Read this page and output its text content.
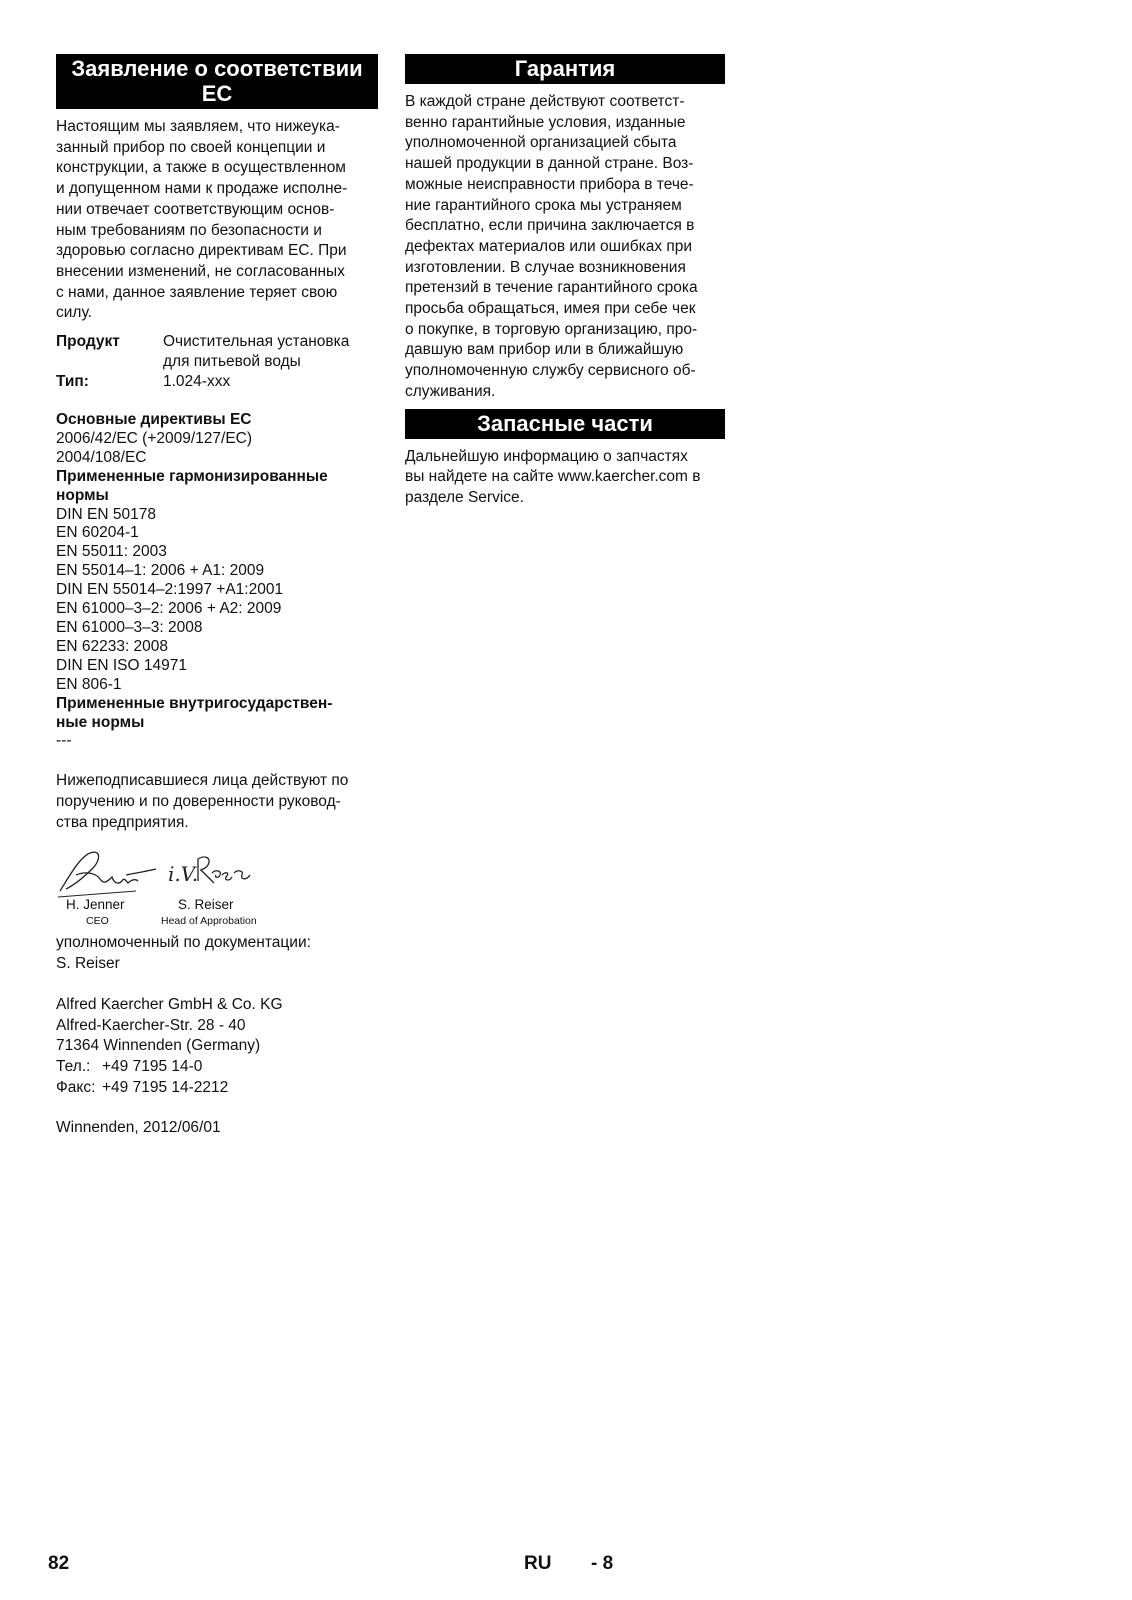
Заявление о соответствии
ЕС

Настоящим мы заявляем, что нижеука-
занный прибор по своей концепции и
конструкции, а также в осуществленном
и допущенном нами к продаже исполне-
нии отвечает соответствующим основ-
ным требованиям по безопасности и
здоровью согласно директивам ЕС. При
внесении изменений, не согласованных
с нами, данное заявление теряет свою
силу.

Продукт	Очистительная установка
для питьевой воды
Тип:	1.024-xxx
Основные директивы ЕС
2006/42/EC (+2009/127/EC)
2004/108/EC
Примененные гармонизированные
нормы
DIN EN 50178
EN 60204-1
EN 55011: 2003
EN 55014–1: 2006 + A1: 2009
DIN EN 55014–2:1997 +A1:2001
EN 61000–3–2: 2006 + A2: 2009
EN 61000–3–3: 2008
EN 62233: 2008
DIN EN ISO 14971
EN 806-1
Примененные внутригосударствен-
ные нормы
---

Нижеподписавшиеся лица действуют по
поручению и по доверенности руковод-
ства предприятия.

i.V.
H. Jenner
CEO
S. Reiser
Head of Approbation

уполномоченный по документации:
S. Reiser

Alfred Kaercher GmbH & Co. KG
Alfred-Kaercher-Str. 28 - 40
71364 Winnenden (Germany)
Тел.: +49 7195 14-0
Факс: +49 7195 14-2212

Winnenden, 2012/06/01

Гарантия

В каждой стране действуют соответст-
венно гарантийные условия, изданные
уполномоченной организацией сбыта
нашей продукции в данной стране. Воз-
можные неисправности прибора в тече-
ние гарантийного срока мы устраняем
бесплатно, если причина заключается в
дефектах материалов или ошибках при
изготовлении. В случае возникновения
претензий в течение гарантийного срока
просьба обращаться, имея при себе чек
о покупке, в торговую организацию, про-
давшую вам прибор или в ближайшую
уполномоченную службу сервисного об-
служивания.

Запасные части

Дальнейшую информацию о запчастях
вы найдете на сайте www.kaercher.com в
разделе Service.

82	RU - 8
